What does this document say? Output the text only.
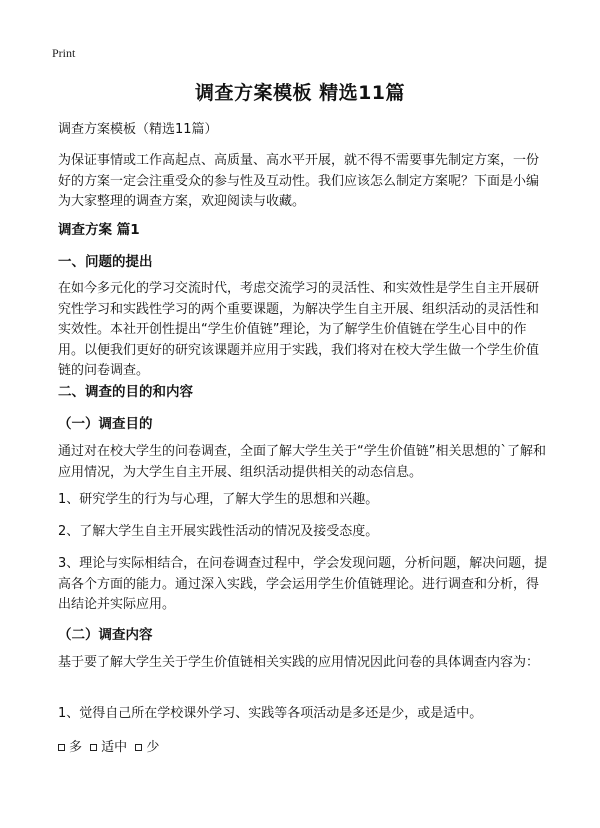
Print
调查方案模板 精选11篇

调查方案模板（精选11篇）

为保证事情或工作高起点、高质量、高水平开展，就不得不需要事先制定方案，一份好的方案一定会注重受众的参与性及互动性。我们应该怎么制定方案呢？下面是小编为大家整理的调查方案，欢迎阅读与收藏。

调查方案 篇1

一、问题的提出

在如今多元化的学习交流时代，考虑交流学习的灵活性、和实效性是学生自主开展研究性学习和实践性学习的两个重要课题，为解决学生自主开展、组织活动的灵活性和实效性。本社开创性提出“学生价值链”理论，为了解学生价值链在学生心目中的作用。以便我们更好的研究该课题并应用于实践，我们将对在校大学生做一个学生价值链的问卷调查。

二、调查的目的和内容

（一）调查目的

通过对在校大学生的问卷调查，全面了解大学生关于“学生价值链”相关思想的`了解和应用情况，为大学生自主开展、组织活动提供相关的动态信息。

1、研究学生的行为与心理，了解大学生的思想和兴趣。

2、了解大学生自主开展实践性活动的情况及接受态度。

3、理论与实际相结合，在问卷调查过程中，学会发现问题，分析问题，解决问题，提高各个方面的能力。通过深入实践，学会运用学生价值链理论。进行调查和分析，得出结论并实际应用。

（二）调查内容

基于要了解大学生关于学生价值链相关实践的应用情况因此问卷的具体调查内容为：

1、觉得自己所在学校课外学习、实践等各项活动是多还是少，或是适中。

多 适中 少
